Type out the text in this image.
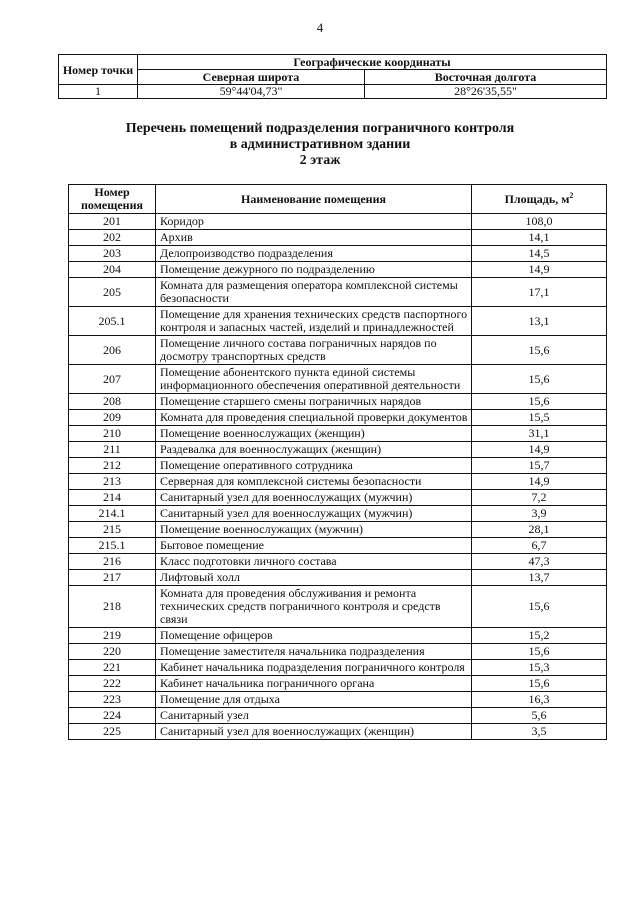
4
Номер точки	Географические координаты	
	Северная широта	Восточная долгота
1	59°44'04,73"	28°26'35,55"
Перечень помещений подразделения пограничного контроля
в административном здании
2 этаж
Номер помещения	Наименование помещения	Площадь, $м^2$
201	Коридор	108,0
202	Архив	14,1
203	Делопроизводство подразделения	14,5
204	Помещение дежурного по подразделению	14,9
205	Комната для размещения оператора комплексной системы безопасности	17,1
205.1	Помещение для хранения технических средств паспортного контроля и запасных частей, изделий и принадлежностей	13,1
206	Помещение личного состава пограничных нарядов по досмотру транспортных средств	15,6
207	Помещение абонентского пункта единой системы информационного обеспечения оперативной деятельности	15,6
208	Помещение старшего смены пограничных нарядов	15,6
209	Комната для проведения специальной проверки документов	15,5
210	Помещение военнослужащих (женщин)	31,1
211	Раздевалка для военнослужащих (женщин)	14,9
212	Помещение оперативного сотрудника	15,7
213	Серверная для комплексной системы безопасности	14,9
214	Санитарный узел для военнослужащих (мужчин)	7,2
214.1	Санитарный узел для военнослужащих (мужчин)	3,9
215	Помещение военнослужащих (мужчин)	28,1
215.1	Бытовое помещение	6,7
216	Класс подготовки личного состава	47,3
217	Лифтовый холл	13,7
218	Комната для проведения обслуживания и ремонта технических средств пограничного контроля и средств связи	15,6
219	Помещение офицеров	15,2
220	Помещение заместителя начальника подразделения	15,6
221	Кабинет начальника подразделения пограничного контроля	15,3
222	Кабинет начальника пограничного органа	15,6
223	Помещение для отдыха	16,3
224	Санитарный узел	5,6
225	Санитарный узел для военнослужащих (женщин)	3,5
